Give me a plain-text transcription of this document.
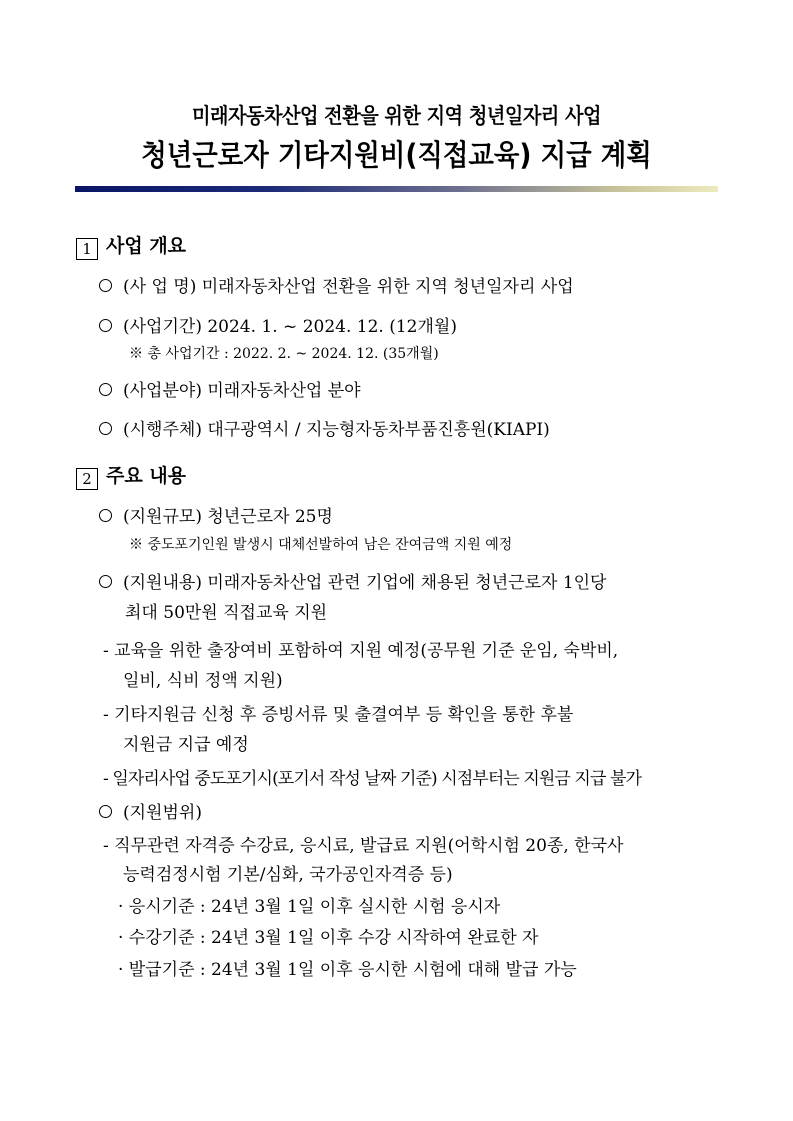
미래자동차산업 전환을 위한 지역 청년일자리 사업
청년근로자 기타지원비(직접교육) 지급 계획
1 사업 개요
(사 업 명) 미래자동차산업 전환을 위한 지역 청년일자리 사업
(사업기간) 2024. 1. ~ 2024. 12. (12개월)
※ 총 사업기간 : 2022. 2. ~ 2024. 12. (35개월)
(사업분야) 미래자동차산업 분야
(시행주체) 대구광역시 / 지능형자동차부품진흥원(KIAPI)
2 주요 내용
(지원규모) 청년근로자 25명
※ 중도포기인원 발생시 대체선발하여 남은 잔여금액 지원 예정
(지원내용) 미래자동차산업 관련 기업에 채용된 청년근로자 1인당
최대 50만원 직접교육 지원
- 교육을 위한 출장여비 포함하여 지원 예정(공무원 기준 운임, 숙박비,
일비, 식비 정액 지원)
- 기타지원금 신청 후 증빙서류 및 출결여부 등 확인을 통한 후불
지원금 지급 예정
- 일자리사업 중도포기시(포기서 작성 날짜 기준) 시점부터는 지원금 지급 불가
(지원범위)
- 직무관련 자격증 수강료, 응시료, 발급료 지원(어학시험 20종, 한국사
능력검정시험 기본/심화, 국가공인자격증 등)
· 응시기준 : 24년 3월 1일 이후 실시한 시험 응시자
· 수강기준 : 24년 3월 1일 이후 수강 시작하여 완료한 자
· 발급기준 : 24년 3월 1일 이후 응시한 시험에 대해 발급 가능
